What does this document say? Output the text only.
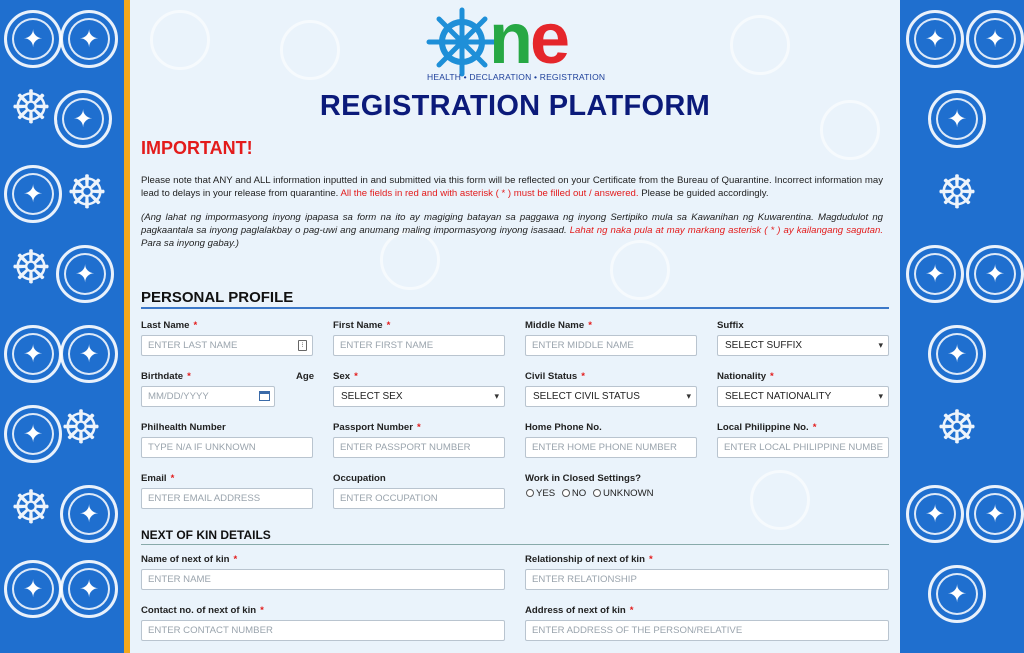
✦
✦
☸
✦
✦
☸
☸
✦
✦
✦
☸
✦
☸
✦
✦
✦
✦
✦
✦
☸
✦
✦
✦
☸
✦
✦
✦
ne
HEALTH • DECLARATION • REGISTRATION
REGISTRATION PLATFORM
IMPORTANT!

Please note that ANY and ALL information inputted in and submitted via this form will be reflected on your Certificate from the Bureau of Quarantine. Incorrect information may lead to delays in your release from quarantine. All the fields in red and with asterisk ( * ) must be filled out / answered. Please be guided accordingly.

(Ang lahat ng impormasyong inyong ipapasa sa form na ito ay magiging batayan sa paggawa ng inyong Sertipiko mula sa Kawanihan ng Kuwarentina. Magdudulot ng pagkaantala sa inyong paglalakbay o pag-uwi ang anumang maling impormasyong inyong isasaad. Lahat ng naka pula at may markang asterisk ( * ) ay kailangang sagutan. Para sa inyong gabay.)

PERSONAL PROFILE
Last Name *
ENTER LAST NAME	⁝
First Name *
ENTER FIRST NAME
Middle Name *
ENTER MIDDLE NAME
Suffix
SELECT SUFFIX	▾
Birthdate *	Age
MM/DD/YYYY
Sex *
SELECT SEX	▾
Civil Status *
SELECT CIVIL STATUS	▾
Nationality *
SELECT NATIONALITY	▾
Philhealth Number
TYPE N/A IF UNKNOWN
Passport Number *
ENTER PASSPORT NUMBER
Home Phone No.
ENTER HOME PHONE NUMBER
Local Philippine No. *
ENTER LOCAL PHILIPPINE NUMBE
Email *
ENTER EMAIL ADDRESS
Occupation
ENTER OCCUPATION
Work in Closed Settings?
YES NO UNKNOWN
NEXT OF KIN DETAILS
Name of next of kin *
ENTER NAME
Relationship of next of kin *
ENTER RELATIONSHIP
Contact no. of next of kin *
ENTER CONTACT NUMBER
Address of next of kin *
ENTER ADDRESS OF THE PERSON/RELATIVE
